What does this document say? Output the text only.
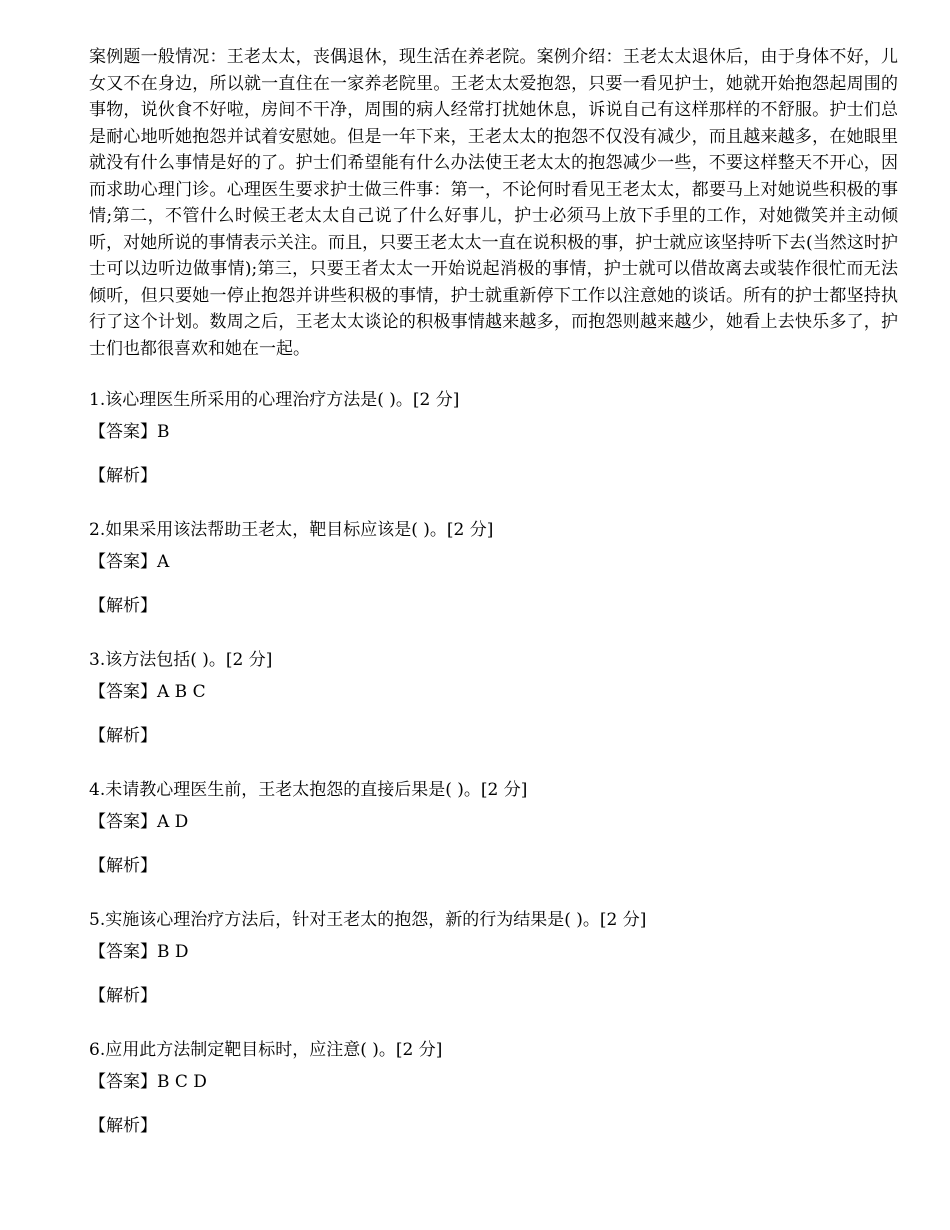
案例题一般情况：王老太太，丧偶退休，现生活在养老院。案例介绍：王老太太退休后，由于身体不好，儿女又不在身边，所以就一直住在一家养老院里。王老太太爱抱怨，只要一看见护士，她就开始抱怨起周围的事物，说伙食不好啦，房间不干净，周围的病人经常打扰她休息，诉说自己有这样那样的不舒服。护士们总是耐心地听她抱怨并试着安慰她。但是一年下来，王老太太的抱怨不仅没有减少，而且越来越多，在她眼里就没有什么事情是好的了。护士们希望能有什么办法使王老太太的抱怨减少一些，不要这样整天不开心，因而求助心理门诊。心理医生要求护士做三件事：第一，不论何时看见王老太太，都要马上对她说些积极的事情;第二，不管什么时候王老太太自己说了什么好事儿，护士必须马上放下手里的工作，对她微笑并主动倾听，对她所说的事情表示关注。而且，只要王老太太一直在说积极的事，护士就应该坚持听下去(当然这时护士可以边听边做事情);第三，只要王者太太一开始说起消极的事情，护士就可以借故离去或装作很忙而无法倾听，但只要她一停止抱怨并讲些积极的事情，护士就重新停下工作以注意她的谈话。所有的护士都坚持执行了这个计划。数周之后，王老太太谈论的积极事情越来越多，而抱怨则越来越少，她看上去快乐多了，护士们也都很喜欢和她在一起。

1.该心理医生所采用的心理治疗方法是( )。[2 分]
【答案】B
【解析】
2.如果采用该法帮助王老太，靶目标应该是( )。[2 分]
【答案】A
【解析】
3.该方法包括( )。[2 分]
【答案】A B C
【解析】
4.未请教心理医生前，王老太抱怨的直接后果是( )。[2 分]
【答案】A D
【解析】
5.实施该心理治疗方法后，针对王老太的抱怨，新的行为结果是( )。[2 分]
【答案】B D
【解析】
6.应用此方法制定靶目标时，应注意( )。[2 分]
【答案】B C D
【解析】
